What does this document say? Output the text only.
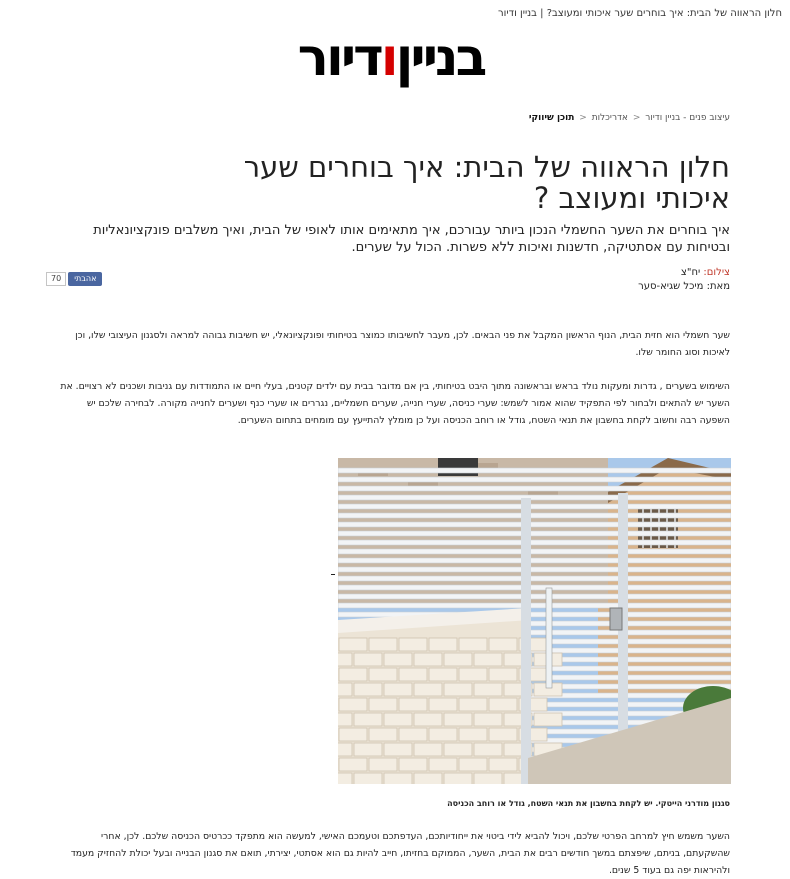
חלון הראווה של הבית: איך בוחרים שער איכותי ומעוצב? | בניין ודיור
בניין
ו
דיור
עיצוב פנים - בניין ודיור < אדריכלות < תוכן שיווקי
חלון הראווה של הבית: איך בוחרים שער איכותי ומעוצב ?

איך בוחרים את השער החשמלי הנכון ביותר עבורכם, איך מתאימים אותו לאופי של הבית, ואיך משלבים פונקציונאליות ובטיחות עם אסתטיקה, חדשנות ואיכות ללא פשרות. הכול על שערים.

צילום: יח"צ
מאת: מיכל שגיא-סער
אהבתי
70

שער חשמלי הוא חזית הבית, הנוף הראשון המקבל את פני הבאים. לכן, מעבר לחשיבותו כמוצר בטיחותי ופונקציונאלי, יש חשיבות גבוהה למראה ולסגנון העיצובי שלו, וכן לאיכות וסוג החומר שלו.

השימוש בשערים , גדרות ומעקות נולד בראש ובראשונה מתוך היבט בטיחותי, בין אם מדובר בבית עם ילדים קטנים, בעלי חיים או התמודדות עם גניבות ושכנים לא רצויים. את השער יש להתאים ולבחור לפי התפקיד שהוא אמור לשמש: שערי כניסה, שערי חנייה, שערים חשמליים, נגררים או שערי כנף ושערים לחנייה מקורה. לבחירה שלכם יש השפעה רבה וחשוב לקחת בחשבון את תנאי השטח, גודל או רוחב הכניסה ועל כן מומלץ להתייעץ עם מומחים בתחום השערים.

סגנון מודרני הייטקי. יש לקחת בחשבון את תנאי השטח, גודל או רוחב הכניסה

השער משמש חיץ למרחב הפרטי שלכם, ויכול להביא לידי ביטוי את ייחודיותכם, העדפתכם וטעמכם האישי, למעשה הוא מתפקד ככרטיס הכניסה שלכם. לכן, אחרי שהשקעתם, בניתם, שיפצתם במשך חודשים רבים את הבית, השער, הממוקם בחזיתו, חייב להיות גם הוא אסתטי, יצירתי, תואם את סגנון הבנייה ובעל יכולת להחזיק מעמד ולהיראות יפה גם בעוד 5 שנים.
